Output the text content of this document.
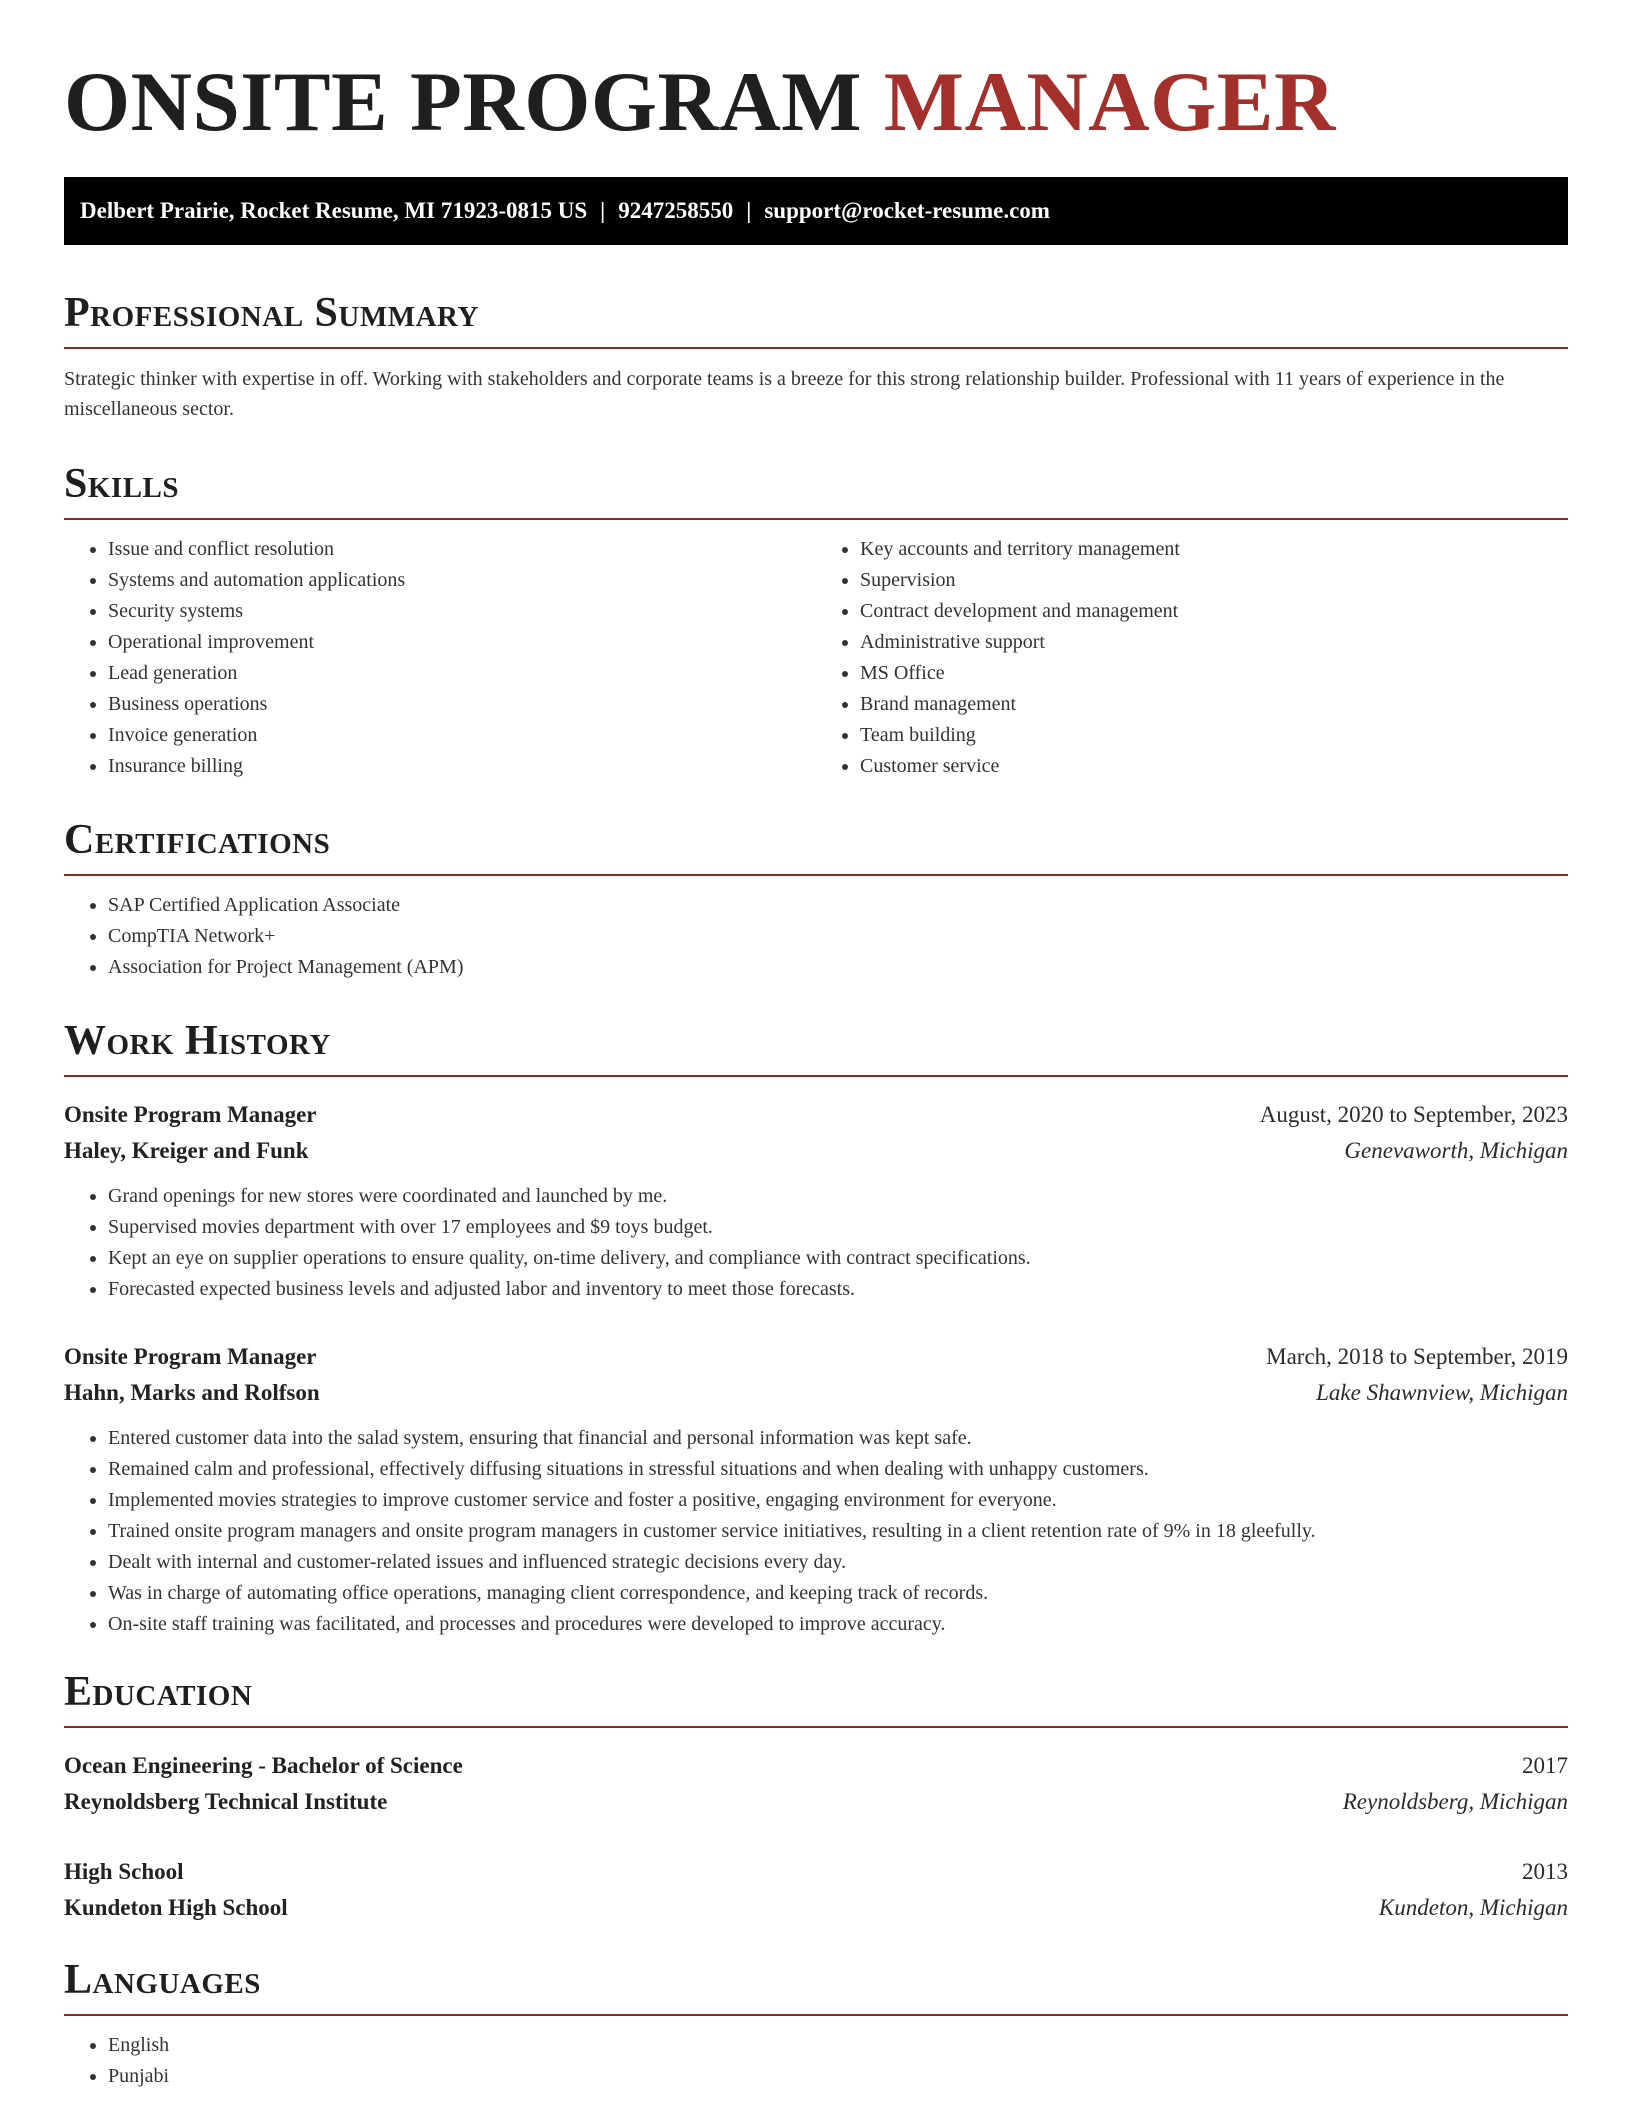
ONSITE PROGRAM MANAGER
Delbert Prairie, Rocket Resume, MI 71923-0815 US | 9247258550 | support@rocket-resume.com
Professional Summary

Strategic thinker with expertise in off. Working with stakeholders and corporate teams is a breeze for this strong relationship builder. Professional with 11 years of experience in the miscellaneous sector.

Skills
• Issue and conflict resolution
• Systems and automation applications
• Security systems
• Operational improvement
• Lead generation
• Business operations
• Invoice generation
• Insurance billing
• Key accounts and territory management
• Supervision
• Contract development and management
• Administrative support
• MS Office
• Brand management
• Team building
• Customer service
Certifications
• SAP Certified Application Associate
• CompTIA Network+
• Association for Project Management (APM)
Work History
Onsite Program Manager	August, 2020 to September, 2023
Haley, Kreiger and Funk	Genevaworth, Michigan
• Grand openings for new stores were coordinated and launched by me.
• Supervised movies department with over 17 employees and $9 toys budget.
• Kept an eye on supplier operations to ensure quality, on-time delivery, and compliance with contract specifications.
• Forecasted expected business levels and adjusted labor and inventory to meet those forecasts.
Onsite Program Manager	March, 2018 to September, 2019
Hahn, Marks and Rolfson	Lake Shawnview, Michigan
• Entered customer data into the salad system, ensuring that financial and personal information was kept safe.
• Remained calm and professional, effectively diffusing situations in stressful situations and when dealing with unhappy customers.
• Implemented movies strategies to improve customer service and foster a positive, engaging environment for everyone.
• Trained onsite program managers and onsite program managers in customer service initiatives, resulting in a client retention rate of 9% in 18 gleefully.
• Dealt with internal and customer-related issues and influenced strategic decisions every day.
• Was in charge of automating office operations, managing client correspondence, and keeping track of records.
• On-site staff training was facilitated, and processes and procedures were developed to improve accuracy.
Education
Ocean Engineering - Bachelor of Science	2017
Reynoldsberg Technical Institute	Reynoldsberg, Michigan
High School	2013
Kundeton High School	Kundeton, Michigan
Languages
• English
• Punjabi
